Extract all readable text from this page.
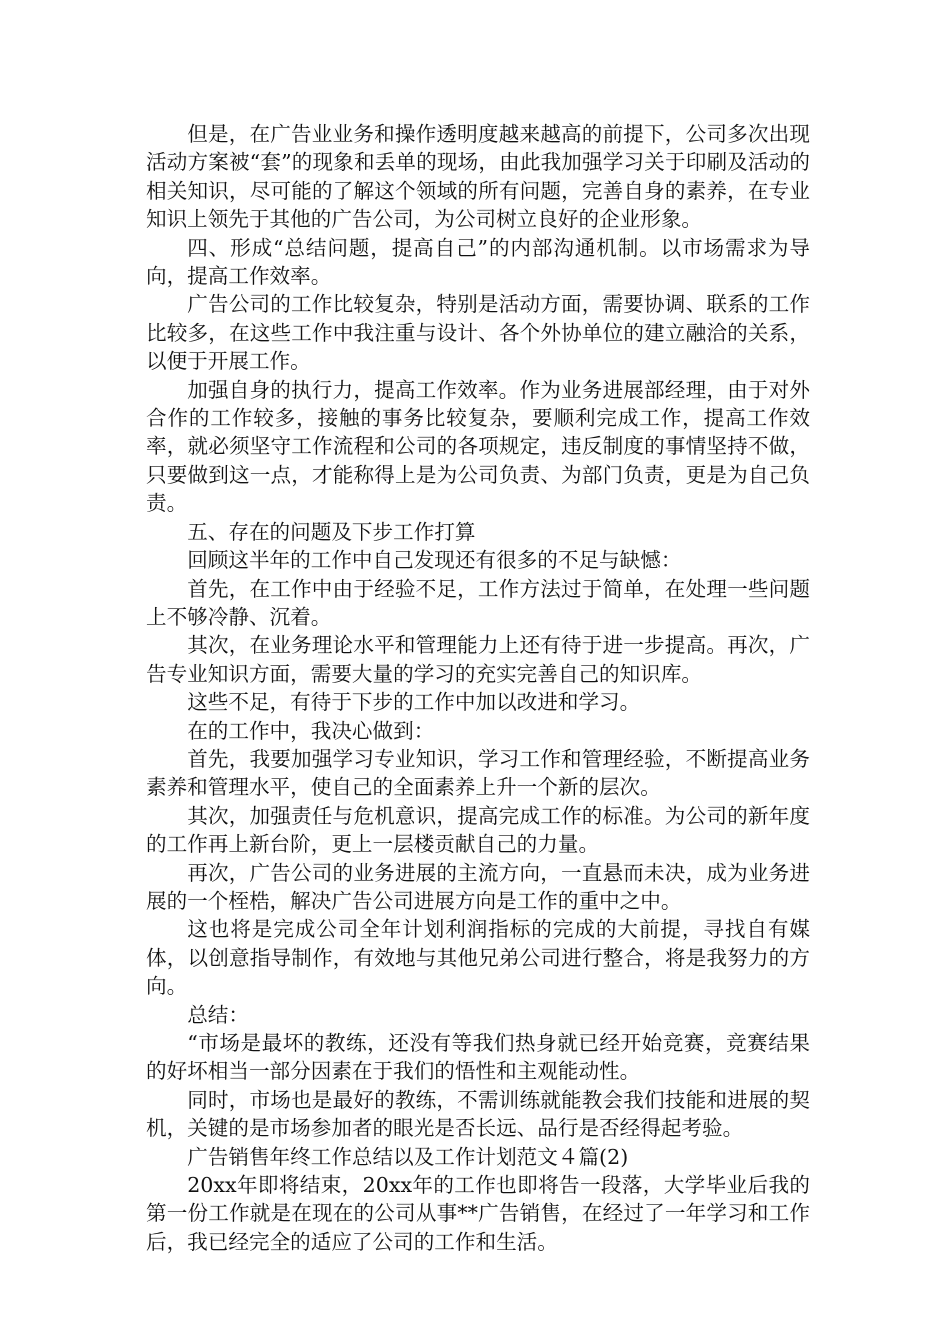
但是，在广告业业务和操作透明度越来越高的前提下，公司多次出现活动方案被“套”的现象和丢单的现场，由此我加强学习关于印刷及活动的相关知识，尽可能的了解这个领域的所有问题，完善自身的素养，在专业知识上领先于其他的广告公司，为公司树立良好的企业形象。

四、形成“总结问题，提高自己”的内部沟通机制。以市场需求为导向，提高工作效率。

广告公司的工作比较复杂，特别是活动方面，需要协调、联系的工作比较多，在这些工作中我注重与设计、各个外协单位的建立融洽的关系，以便于开展工作。

加强自身的执行力，提高工作效率。作为业务进展部经理，由于对外合作的工作较多，接触的事务比较复杂，要顺利完成工作，提高工作效率，就必须坚守工作流程和公司的各项规定，违反制度的事情坚持不做，只要做到这一点，才能称得上是为公司负责、为部门负责，更是为自己负责。

五、存在的问题及下步工作打算

回顾这半年的工作中自己发现还有很多的不足与缺憾：

首先，在工作中由于经验不足，工作方法过于简单，在处理一些问题上不够冷静、沉着。

其次，在业务理论水平和管理能力上还有待于进一步提高。再次，广告专业知识方面，需要大量的学习的充实完善自己的知识库。

这些不足，有待于下步的工作中加以改进和学习。

在的工作中，我决心做到：

首先，我要加强学习专业知识，学习工作和管理经验，不断提高业务素养和管理水平，使自己的全面素养上升一个新的层次。

其次，加强责任与危机意识，提高完成工作的标准。为公司的新年度的工作再上新台阶，更上一层楼贡献自己的力量。

再次，广告公司的业务进展的主流方向，一直悬而未决，成为业务进展的一个桎梏，解决广告公司进展方向是工作的重中之中。

这也将是完成公司全年计划利润指标的完成的大前提，寻找自有媒体，以创意指导制作，有效地与其他兄弟公司进行整合，将是我努力的方向。

总结：

“市场是最坏的教练，还没有等我们热身就已经开始竞赛，竞赛结果的好坏相当一部分因素在于我们的悟性和主观能动性。

同时，市场也是最好的教练，不需训练就能教会我们技能和进展的契机，关键的是市场参加者的眼光是否长远、品行是否经得起考验。

广告销售年终工作总结以及工作计划范文４篇(2)

20xx年即将结束，20xx年的工作也即将告一段落，大学毕业后我的第一份工作就是在现在的公司从事**广告销售，在经过了一年学习和工作后，我已经完全的适应了公司的工作和生活。
